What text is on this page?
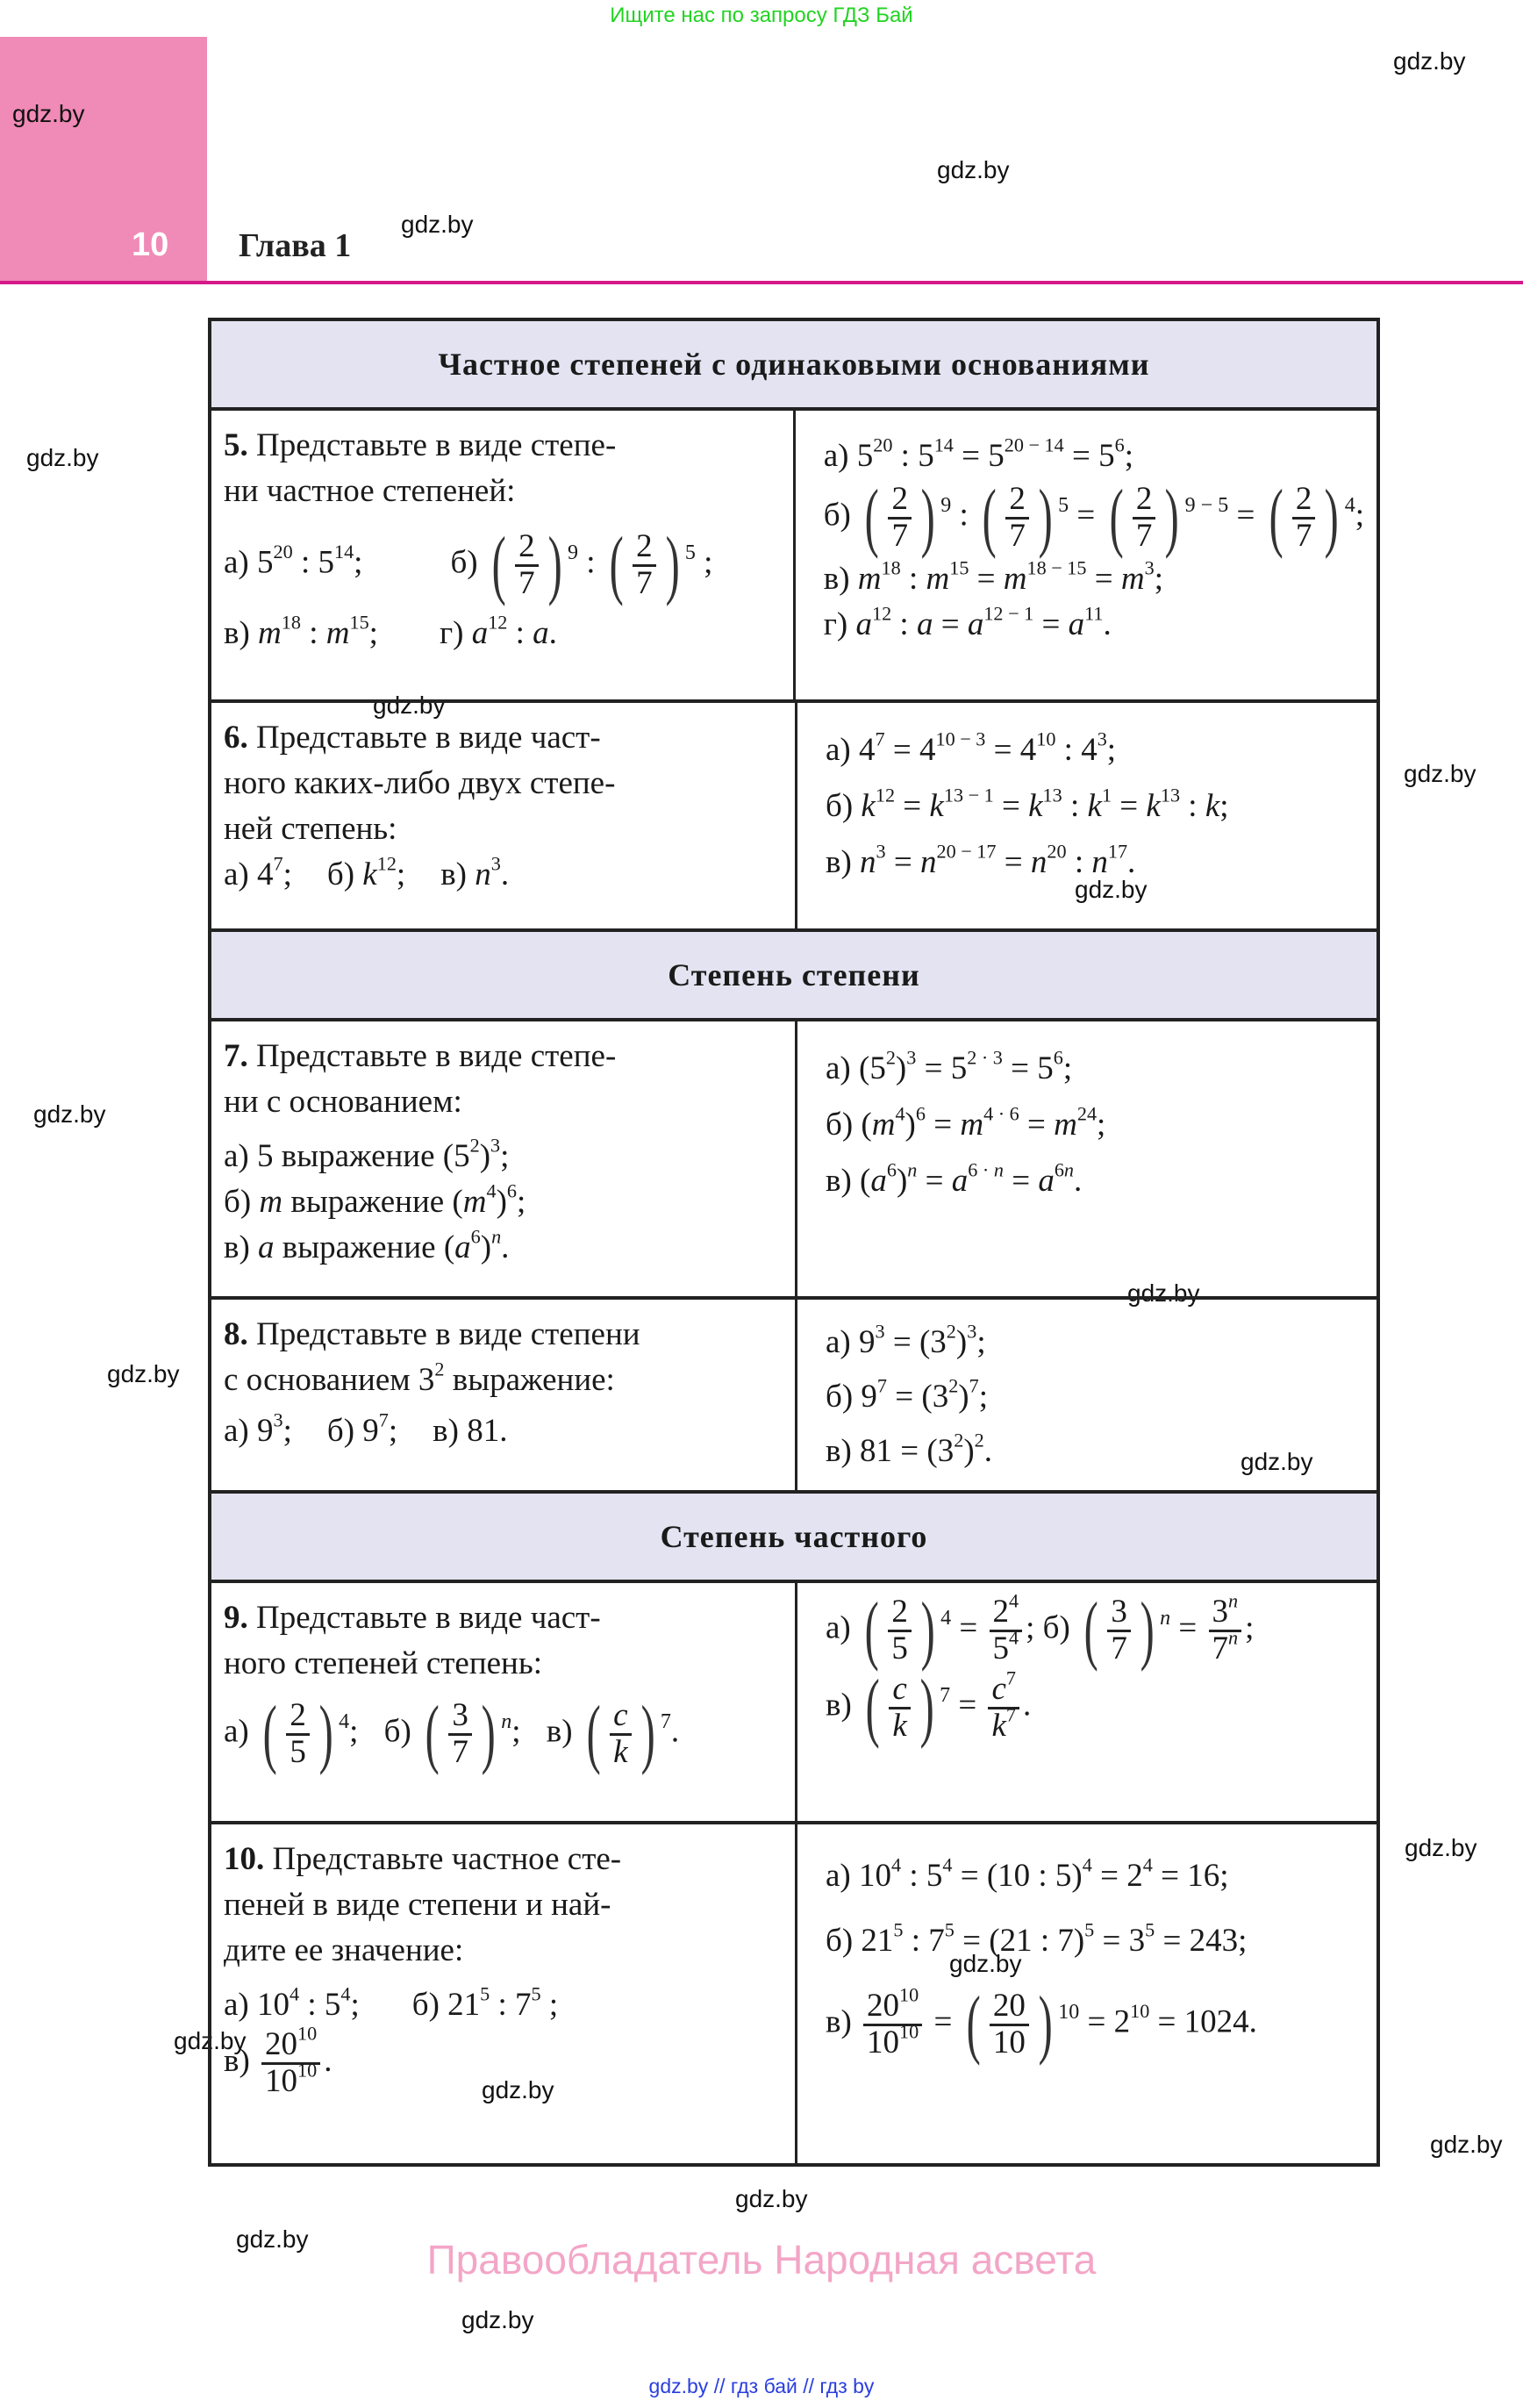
Ищите нас по запросу ГДЗ Бай
10 Глава 1
gdz.by
gdz.by
gdz.by
gdz.by
gdz.by
gdz.by
gdz.by
gdz.by
gdz.by
gdz.by
gdz.by
gdz.by
gdz.by
gdz.by
gdz.by
gdz.by
gdz.by
gdz.by
gdz.by
gdz.by
Частное степеней с одинаковыми основаниями
5. Представьте в виде степе-
ни частное степеней:
а) $5^{20}$ : $5^{14}$;	б) ( $\frac{2}{7}$ ) 9 : ( $\frac{2}{7}$ ) 5 ;
в) $m^{18}$ : $m^{15}$; г) $a^{12}$ : a.
а) $5^{20}$ : $5^{14} = 5^{20 - 14} = 5^6$;
б) ( $\frac{2}{7}$ ) 9 : ( $\frac{2}{7}$ ) 5 = ( $\frac{2}{7}$ ) 9 − 5 = ( $\frac{2}{7}$ ) 4 ;
в) $m^{18}$ : $m^{15} = m^{18 - 15} = m^3$;
г) $a^{12}$ : $a = a^{12 - 1} = a^{11}$.
6. Представьте в виде част-
ного каких-либо двух степе-
ней степень:
а) $4^7$; б) $k^{12}$; в) $n^3$.
а) $4^7 = 4^{10 - 3} = 4^{10}$ : $4^3$;
б) $k^{12} = k^{13 - 1} = k^{13}$ : $k^1 = k^{13}$ : k;
в) $n^3 = n^{20 - 17} = n^{20}$ : $n^{17}$.
Степень степени
7. Представьте в виде степе-
ни с основанием:
а) 5 выражение $(5^2)^3$;
б) m выражение $(m^4)^6$;
в) a выражение $(a^6)^n$.
а) $(5^2)^3 = 5^{2 \cdot 3} = 5^6$;
б) $(m^4)^6 = m^{4 \cdot 6} = m^{24}$;
в) $(a^6)^n = a^{6 \cdot n} = a^{6n}$.
8. Представьте в виде степени
с основанием $3^2$ выражение:
а) $9^3$; б) $9^7$; в) 81.
а) $9^3 = (3^2)^3$;
б) $9^7 = (3^2)^7$;
в) $81 = (3^2)^2$.
Степень частного
9. Представьте в виде част-
ного степеней степень:
а) ( $\frac{2}{5}$ ) 4 ; б) ( $\frac{3}{7}$ ) n ; в) ( $\frac{c}{k}$ ) 7 .
а) ( $\frac{2}{5}$ ) $4 = \frac{2^4}{5^4}$ ; б) ( $\frac{3}{7}$ ) $n = \frac{3^n}{7^n}$ ;
в) ( $\frac{c}{k}$ ) $7 = \frac{c^7}{k^7}$ .
10. Представьте частное сте-
пеней в виде степени и най-
дите ее значение:
а) $10^4$ : $5^4$; б) $21^5$ : $7^5$ ;
$в) \frac{20^{10}}{10^{10}}$ .
а) $10^4$ : $5^4 = (10$ : $5)^4 = 2^4 = 16$;
б) $21^5$ : $7^5 = (21$ : $7)^5 = 3^5 = 243$;
$в) \frac{20^{10}}{10^{10}}$ = ( $\frac{20}{10}$ ) $10 = 2^{10} = 1024$.
Правообладатель Народная асвета
gdz.by // гдз бай // гдз by
